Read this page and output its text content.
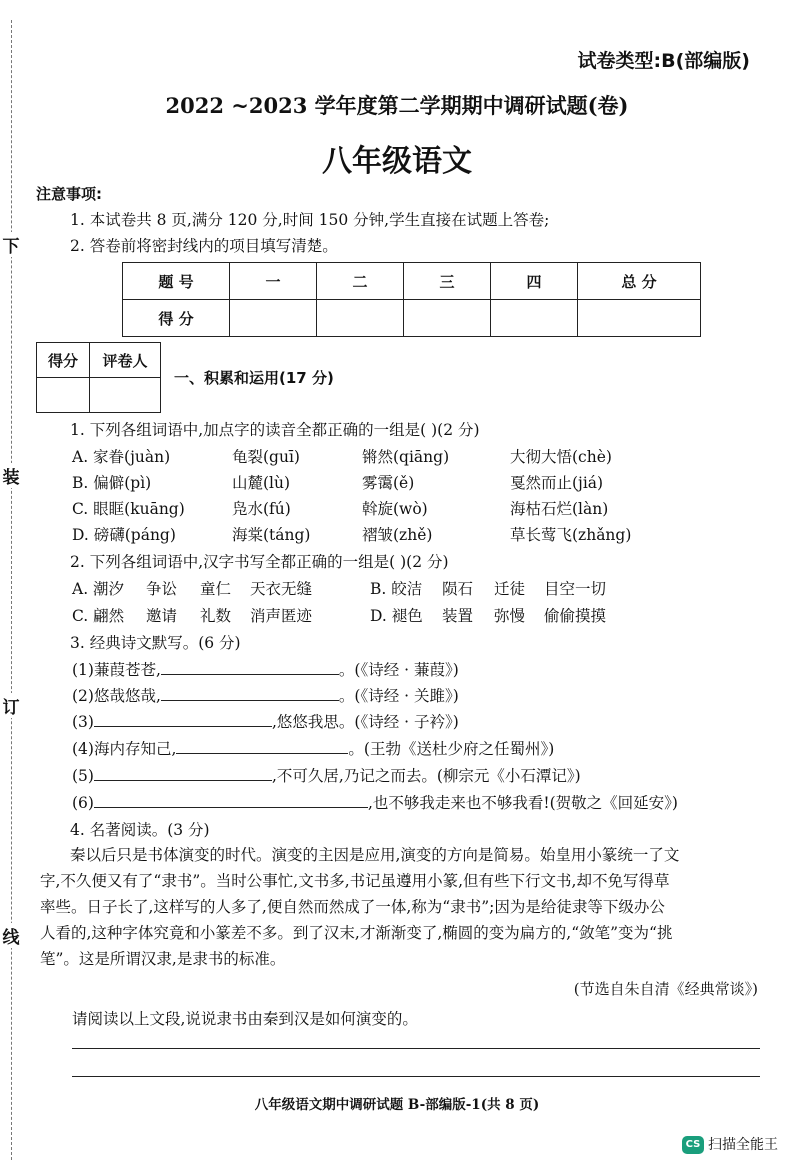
下
装
订
线
试卷类型:B(部编版)
2022 ~2023 学年度第二学期期中调研试题(卷)
八年级语文
注意事项:
1. 本试卷共 8 页,满分 120 分,时间 150 分钟,学生直接在试题上答卷;
2. 答卷前将密封线内的项目填写清楚。
题 号	一	二	三	四	总 分
得 分					
得分	评卷人

一、积累和运用(17 分)
1. 下列各组词语中,加点字的读音全都正确的一组是( )(2 分)
A. 家眷(juàn)	龟裂(guī)	锵然(qiāng)	大彻大悟(chè)
B. 偏僻(pì)	山麓(lù)	雾霭(ě)	戛然而止(jiá)
C. 眼眶(kuāng)	凫水(fú)	斡旋(wò)	海枯石烂(làn)
D. 磅礴(páng)	海棠(táng)	褶皱(zhě)	草长莺飞(zhǎng)
2. 下列各组词语中,汉字书写全都正确的一组是( )(2 分)
A. 潮汐 争讼 童仁 天衣无缝	B. 皎洁 陨石 迁徒 目空一切
C. 翩然 邀请 礼数 消声匿迹	D. 褪色 装置 弥慢 偷偷摸摸
3. 经典诗文默写。(6 分)
(1)蒹葭苍苍,	。(《诗经 · 蒹葭》)
(2)悠哉悠哉,	。(《诗经 · 关雎》)
(3)	,悠悠我思。(《诗经 · 子衿》)
(4)海内存知己,	。(王勃《送杜少府之任蜀州》)
(5)	,不可久居,乃记之而去。(柳宗元《小石潭记》)
(6)	,也不够我走来也不够我看!(贺敬之《回延安》)
4. 名著阅读。(3 分)
秦以后只是书体演变的时代。演变的主因是应用,演变的方向是简易。始皇用小篆统一了文
字,不久便又有了“隶书”。当时公事忙,文书多,书记虽遵用小篆,但有些下行文书,却不免写得草
率些。日子长了,这样写的人多了,便自然而然成了一体,称为“隶书”;因为是给徒隶等下级办公
人看的,这种字体究竟和小篆差不多。到了汉末,才渐渐变了,椭圆的变为扁方的,“敛笔”变为“挑
笔”。这是所谓汉隶,是隶书的标准。
(节选自朱自清《经典常谈》)
请阅读以上文段,说说隶书由秦到汉是如何演变的。
八年级语文期中调研试题 B-部编版-1(共 8 页)
CS 扫描全能王
